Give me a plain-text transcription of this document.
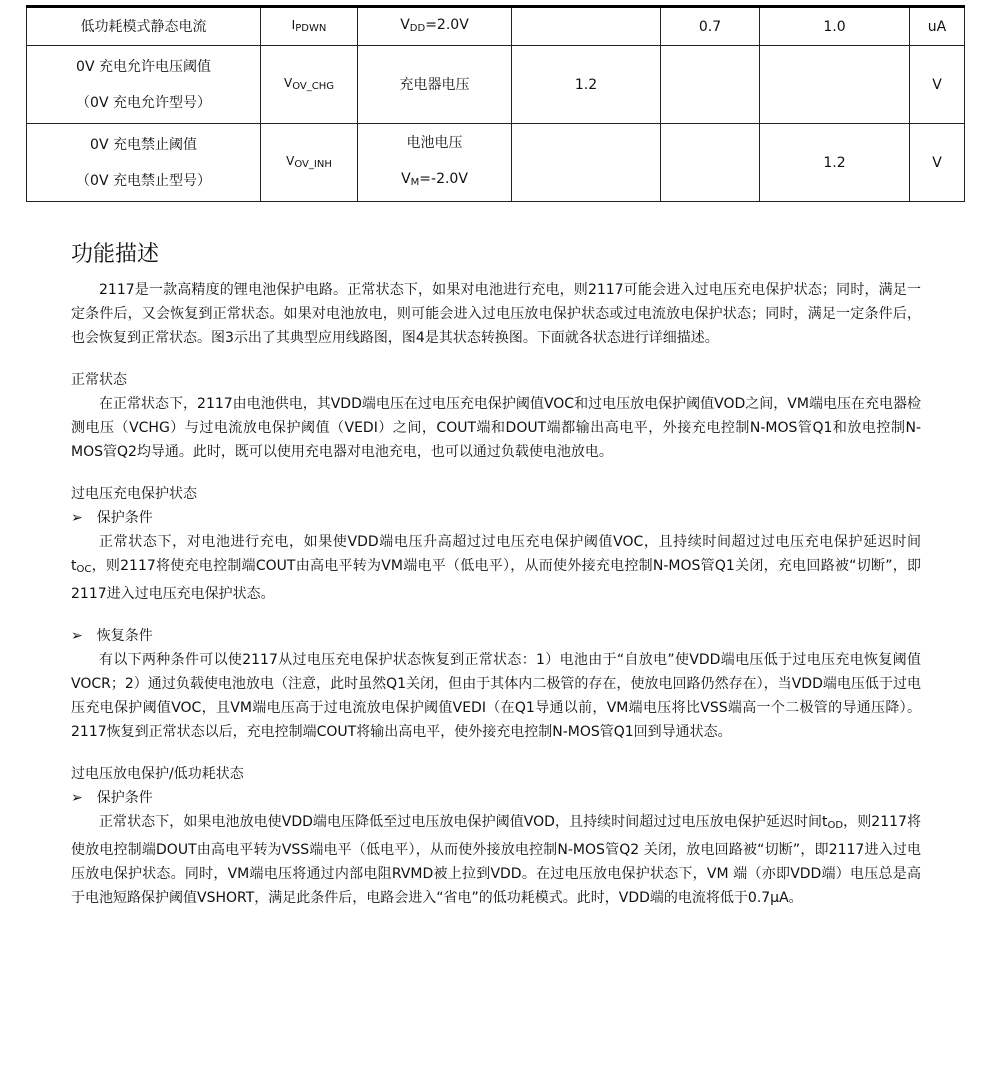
低功耗模式静态电流	$I_{PDWN}$	$V_{DD}=2.0V$		0.7	1.0	uA

0V 充电允许电压阈值
（0V 充电允许型号）	$V_{OV\_CHG}$	充电器电压	1.2			V

0V 充电禁止阈值
（0V 充电禁止型号）	$V_{OV\_INH}$	电池电压
$V_M=-2.0V$			1.2	V
功能描述

2117是一款高精度的锂电池保护电路。正常状态下，如果对电池进行充电，则2117可能会进入过电压充电保护状态；同时，满足一定条件后，又会恢复到正常状态。如果对电池放电，则可能会进入过电压放电保护状态或过电流放电保护状态；同时，满足一定条件后，也会恢复到正常状态。图3示出了其典型应用线路图，图4是其状态转换图。下面就各状态进行详细描述。

正常状态

在正常状态下，2117由电池供电，其VDD端电压在过电压充电保护阈值VOC和过电压放电保护阈值VOD之间，VM端电压在充电器检测电压（VCHG）与过电流放电保护阈值（VEDI）之间，COUT端和DOUT端都输出高电平，外接充电控制N-MOS管Q1和放电控制N-MOS管Q2均导通。此时，既可以使用充电器对电池充电，也可以通过负载使电池放电。

过电压充电保护状态
➢ 保护条件

正常状态下，对电池进行充电，如果使VDD端电压升高超过过电压充电保护阈值VOC，且持续时间超过过电压充电保护延迟时间$t_{OC}$，则2117将使充电控制端COUT由高电平转为VM端电平（低电平），从而使外接充电控制N-MOS管Q1关闭，充电回路被“切断”，即2117进入过电压充电保护状态。

➢ 恢复条件

有以下两种条件可以使2117从过电压充电保护状态恢复到正常状态：1）电池由于“自放电”使VDD端电压低于过电压充电恢复阈值 VOCR；2）通过负载使电池放电（注意，此时虽然Q1关闭，但由于其体内二极管的存在，使放电回路仍然存在），当VDD端电压低于过电压充电保护阈值VOC，且VM端电压高于过电流放电保护阈值VEDI（在Q1导通以前，VM端电压将比VSS端高一个二极管的导通压降）。2117恢复到正常状态以后，充电控制端COUT将输出高电平，使外接充电控制N-MOS管Q1回到导通状态。

过电压放电保护/低功耗状态
➢ 保护条件

正常状态下，如果电池放电使VDD端电压降低至过电压放电保护阈值VOD，且持续时间超过过电压放电保护延迟时间$t_{OD}$，则2117将使放电控制端DOUT由高电平转为VSS端电平（低电平），从而使外接放电控制N-MOS管Q2 关闭，放电回路被“切断”，即2117进入过电压放电保护状态。同时，VM端电压将通过内部电阻RVMD被上拉到VDD。在过电压放电保护状态下，VM 端（亦即VDD端）电压总是高于电池短路保护阈值VSHORT，满足此条件后，电路会进入“省电”的低功耗模式。此时，VDD端的电流将低于0.7μA。
